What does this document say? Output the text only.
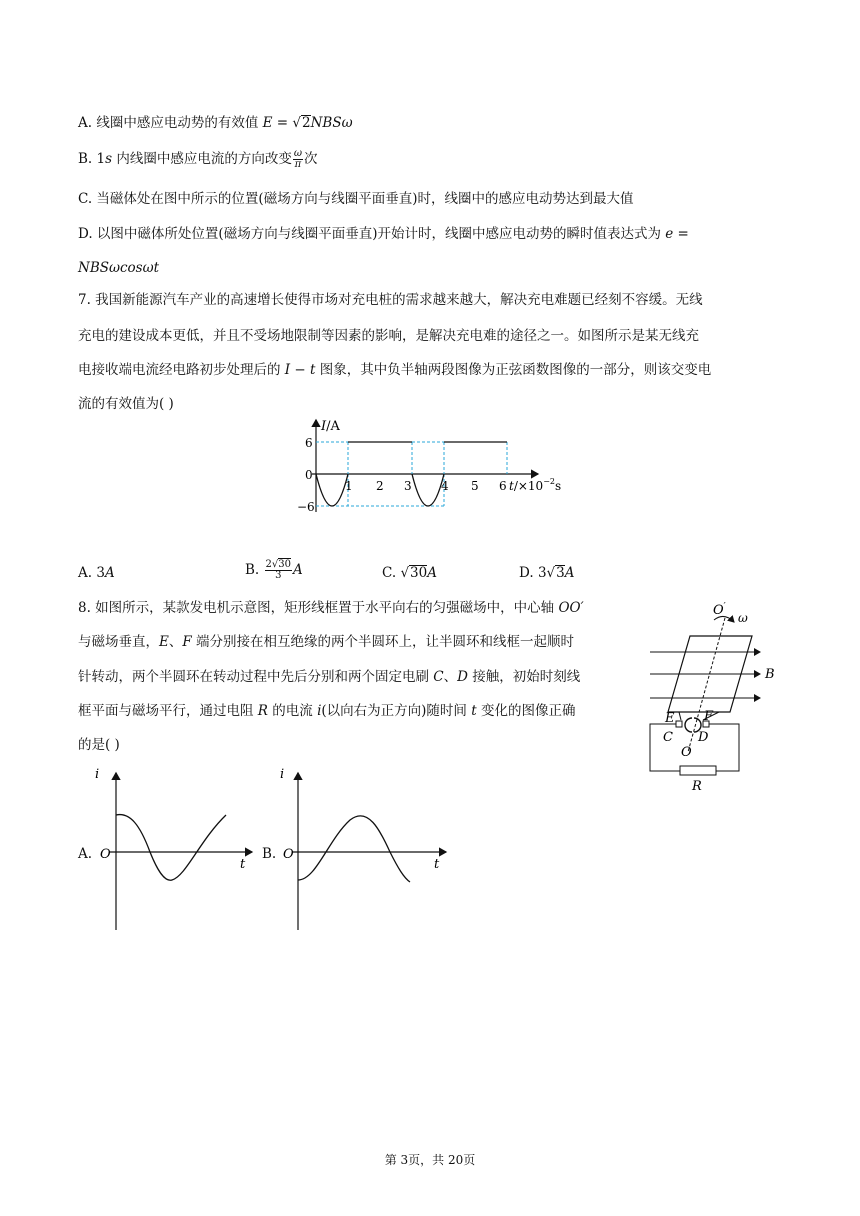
A. 线圈中感应电动势的有效值 E = √2NBSω
B. 1s 内线圈中感应电流的方向改变 $\frac{\omega}{\pi}$ 次
C. 当磁体处在图中所示的位置(磁场方向与线圈平面垂直)时，线圈中的感应电动势达到最大值
D. 以图中磁体所处位置(磁场方向与线圈平面垂直)开始计时，线圈中感应电动势的瞬时值表达式为 e =
NBSωcosωt
7. 我国新能源汽车产业的高速增长使得市场对充电桩的需求越来越大，解决充电难题已经刻不容缓。无线
充电的建设成本更低，并且不受场地限制等因素的影响，是解决充电难的途径之一。如图所示是某无线充
电接收端电流经电路初步处理后的 I − t 图象，其中负半轴两段图像为正弦函数图像的一部分，则该交变电
流的有效值为( )
I/A
6
0
−6
1 2 3 4 5 6 $t/\times 10^{-2}s$
A. 3A	B. $\frac{2√30}{3}$ A	C. √30A	D. 3√3A
8. 如图所示，某款发电机示意图，矩形线框置于水平向右的匀强磁场中，中心轴 OO′
与磁场垂直，E、F 端分别接在相互绝缘的两个半圆环上，让半圆环和线框一起顺时
针转动，两个半圆环在转动过程中先后分别和两个固定电刷 C、D 接触，初始时刻线
框平面与磁场平行，通过电阻 R 的电流 i(以向右为正方向)随时间 t 变化的图像正确
的是( )
O′
ω
B
E F
C D
O
R
A.
i
O
t
B.
i
O
t
第 3页，共 20页
